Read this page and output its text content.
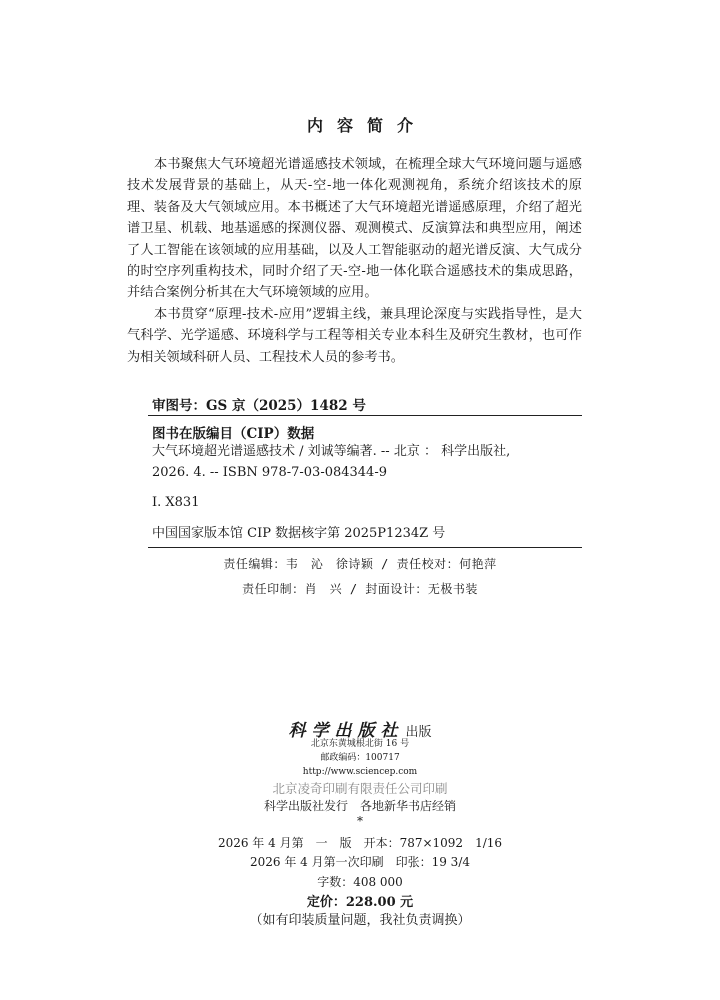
内容简介

本书聚焦大气环境超光谱遥感技术领域，在梳理全球大气环境问题与遥感技术发展背景的基础上，从天-空-地一体化观测视角，系统介绍该技术的原理、装备及大气领域应用。本书概述了大气环境超光谱遥感原理，介绍了超光谱卫星、机载、地基遥感的探测仪器、观测模式、反演算法和典型应用，阐述了人工智能在该领域的应用基础，以及人工智能驱动的超光谱反演、大气成分的时空序列重构技术，同时介绍了天-空-地一体化联合遥感技术的集成思路，并结合案例分析其在大气环境领域的应用。

本书贯穿“原理-技术-应用”逻辑主线，兼具理论深度与实践指导性，是大气科学、光学遥感、环境科学与工程等相关专业本科生及研究生教材，也可作为相关领域科研人员、工程技术人员的参考书。

审图号：GS 京（2025）1482 号
图书在版编目（CIP）数据
大气环境超光谱遥感技术 / 刘诚等编著. -- 北京 ： 科学出版社,
2026. 4. -- ISBN 978-7-03-084344-9
Ⅰ. X831
中国国家版本馆 CIP 数据核字第 2025P1234Z 号
责任编辑：韦　沁　徐诗颖 / 责任校对：何艳萍
责任印制：肖　兴 / 封面设计：无极书装
科学出版社 出版
北京东黄城根北街 16 号
邮政编码：100717
http://www.sciencep.com
北京凌奇印刷有限责任公司印刷
科学出版社发行　各地新华书店经销
*
2026 年 4 月第　一　版　开本：787×1092　1/16
2026 年 4 月第一次印刷　印张：19 3/4
字数：408 000
定价：228.00 元
（如有印装质量问题，我社负责调换）
